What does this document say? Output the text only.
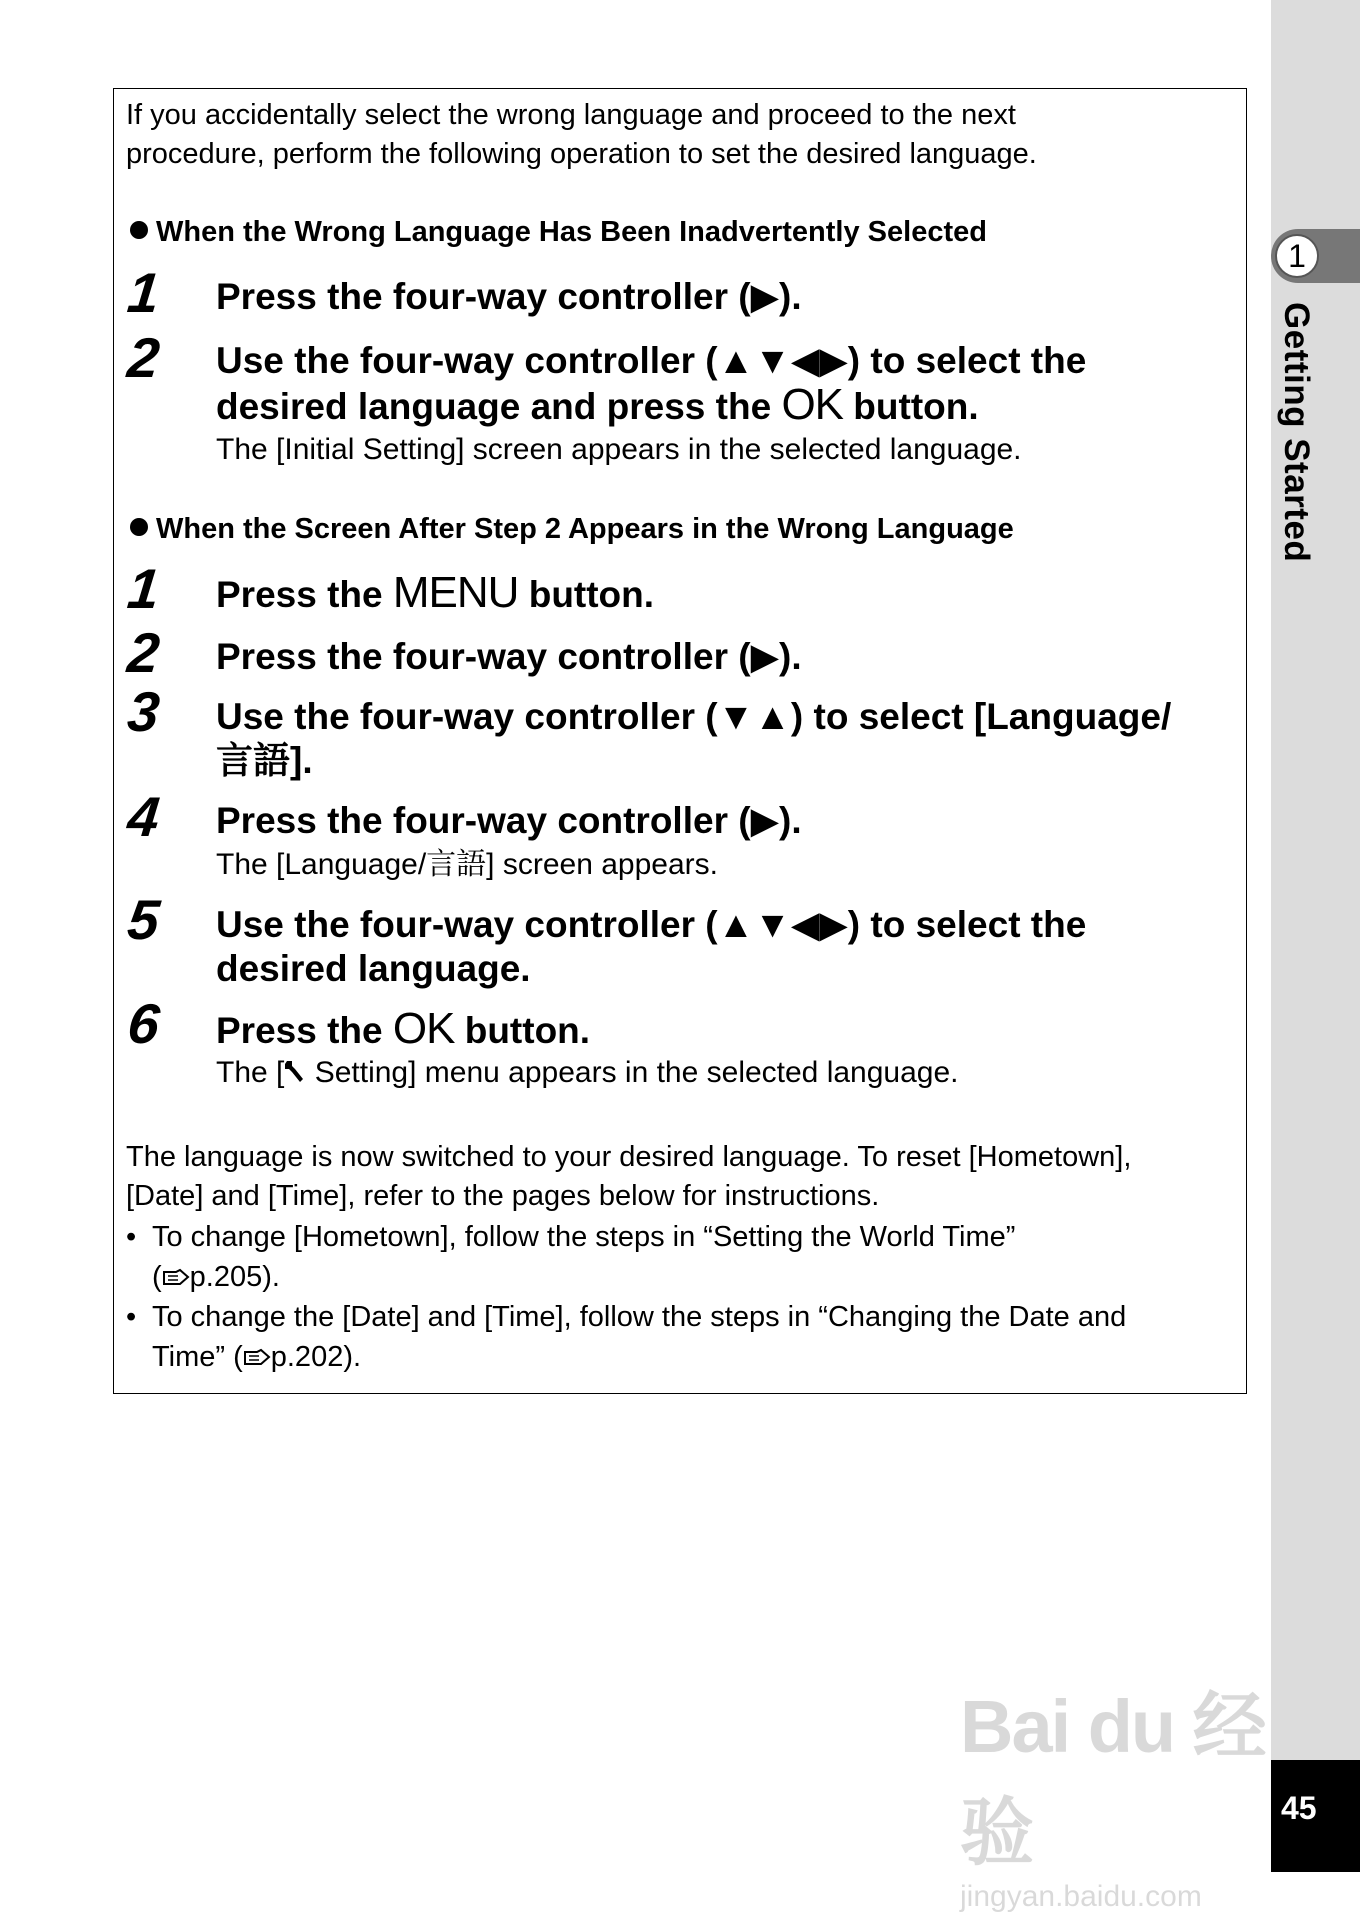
1
Getting Started
45
If you accidentally select the wrong language and proceed to the next
procedure, perform the following operation to set the desired language.
When the Wrong Language Has Been Inadvertently Selected
1 Press the four-way controller (▶).
2 Use the four-way controller (▲▼◀▶) to select the
desired language and press the OK button.
The [Initial Setting] screen appears in the selected language.
When the Screen After Step 2 Appears in the Wrong Language
1 Press the MENU button.
2 Press the four-way controller (▶).
3 Use the four-way controller (▼▲) to select [Language/
言語].
4 Press the four-way controller (▶).
The [Language/言語] screen appears.
5 Use the four-way controller (▲▼◀▶) to select the
desired language.
6 Press the OK button.
The [ Setting] menu appears in the selected language.
The language is now switched to your desired language. To reset [Hometown],
[Date] and [Time], refer to the pages below for instructions.
• To change [Hometown], follow the steps in “Setting the World Time”
( p.205).
• To change the [Date] and [Time], follow the steps in “Changing the Date and
Time” ( p.202).
Bai du 经验
jingyan.baidu.com
